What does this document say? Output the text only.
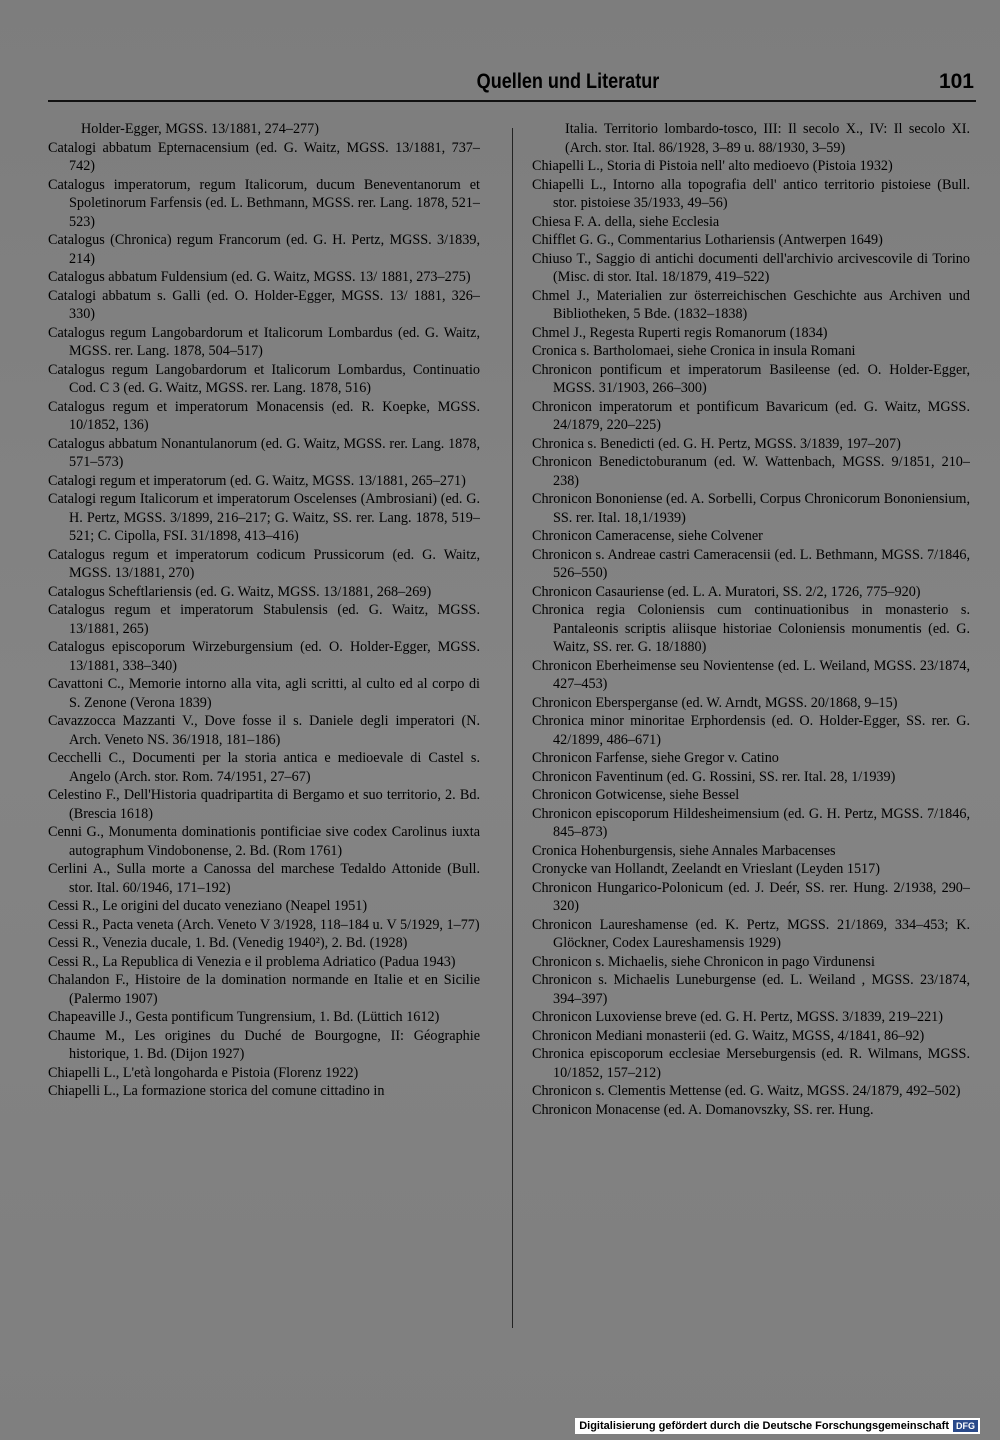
Quellen und Literatur	101

Holder-Egger, MGSS. 13/1881, 274–277)

Catalogi abbatum Epternacensium (ed. G. Waitz, MGSS. 13/1881, 737–742)

Catalogus imperatorum, regum Italicorum, ducum Beneventanorum et Spoletinorum Farfensis (ed. L. Bethmann, MGSS. rer. Lang. 1878, 521–523)

Catalogus (Chronica) regum Francorum (ed. G. H. Pertz, MGSS. 3/1839, 214)

Catalogus abbatum Fuldensium (ed. G. Waitz, MGSS. 13/ 1881, 273–275)

Catalogi abbatum s. Galli (ed. O. Holder-Egger, MGSS. 13/ 1881, 326–330)

Catalogus regum Langobardorum et Italicorum Lombardus (ed. G. Waitz, MGSS. rer. Lang. 1878, 504–517)

Catalogus regum Langobardorum et Italicorum Lombardus, Continuatio Cod. C 3 (ed. G. Waitz, MGSS. rer. Lang. 1878, 516)

Catalogus regum et imperatorum Monacensis (ed. R. Koepke, MGSS. 10/1852, 136)

Catalogus abbatum Nonantulanorum (ed. G. Waitz, MGSS. rer. Lang. 1878, 571–573)

Catalogi regum et imperatorum (ed. G. Waitz, MGSS. 13/1881, 265–271)

Catalogi regum Italicorum et imperatorum Oscelenses (Ambrosiani) (ed. G. H. Pertz, MGSS. 3/1899, 216–217; G. Waitz, SS. rer. Lang. 1878, 519–521; C. Cipolla, FSI. 31/1898, 413–416)

Catalogus regum et imperatorum codicum Prussicorum (ed. G. Waitz, MGSS. 13/1881, 270)

Catalogus Scheftlariensis (ed. G. Waitz, MGSS. 13/1881, 268–269)

Catalogus regum et imperatorum Stabulensis (ed. G. Waitz, MGSS. 13/1881, 265)

Catalogus episcoporum Wirzeburgensium (ed. O. Holder-Egger, MGSS. 13/1881, 338–340)

Cavattoni C., Memorie intorno alla vita, agli scritti, al culto ed al corpo di S. Zenone (Verona 1839)

Cavazzocca Mazzanti V., Dove fosse il s. Daniele degli imperatori (N. Arch. Veneto NS. 36/1918, 181–186)

Cecchelli C., Documenti per la storia antica e medioevale di Castel s. Angelo (Arch. stor. Rom. 74/1951, 27–67)

Celestino F., Dell'Historia quadripartita di Bergamo et suo territorio, 2. Bd. (Brescia 1618)

Cenni G., Monumenta dominationis pontificiae sive codex Carolinus iuxta autographum Vindobonense, 2. Bd. (Rom 1761)

Cerlini A., Sulla morte a Canossa del marchese Tedaldo Attonide (Bull. stor. Ital. 60/1946, 171–192)

Cessi R., Le origini del ducato veneziano (Neapel 1951)

Cessi R., Pacta veneta (Arch. Veneto V 3/1928, 118–184 u. V 5/1929, 1–77)

Cessi R., Venezia ducale, 1. Bd. (Venedig 1940²), 2. Bd. (1928)

Cessi R., La Republica di Venezia e il problema Adriatico (Padua 1943)

Chalandon F., Histoire de la domination normande en Italie et en Sicilie (Palermo 1907)

Chapeaville J., Gesta pontificum Tungrensium, 1. Bd. (Lüttich 1612)

Chaume M., Les origines du Duché de Bourgogne, II: Géographie historique, 1. Bd. (Dijon 1927)

Chiapelli L., L'età longoharda e Pistoia (Florenz 1922)

Chiapelli L., La formazione storica del comune cittadino in

Italia. Territorio lombardo-tosco, III: Il secolo X., IV: Il secolo XI. (Arch. stor. Ital. 86/1928, 3–89 u. 88/1930, 3–59)

Chiapelli L., Storia di Pistoia nell' alto medioevo (Pistoia 1932)

Chiapelli L., Intorno alla topografia dell' antico territorio pistoiese (Bull. stor. pistoiese 35/1933, 49–56)

Chiesa F. A. della, siehe Ecclesia

Chifflet G. G., Commentarius Lothariensis (Antwerpen 1649)

Chiuso T., Saggio di antichi documenti dell'archivio arcivescovile di Torino (Misc. di stor. Ital. 18/1879, 419–522)

Chmel J., Materialien zur österreichischen Geschichte aus Archiven und Bibliotheken, 5 Bde. (1832–1838)

Chmel J., Regesta Ruperti regis Romanorum (1834)

Cronica s. Bartholomaei, siehe Cronica in insula Romani

Chronicon pontificum et imperatorum Basileense (ed. O. Holder-Egger, MGSS. 31/1903, 266–300)

Chronicon imperatorum et pontificum Bavaricum (ed. G. Waitz, MGSS. 24/1879, 220–225)

Chronica s. Benedicti (ed. G. H. Pertz, MGSS. 3/1839, 197–207)

Chronicon Benedictoburanum (ed. W. Wattenbach, MGSS. 9/1851, 210–238)

Chronicon Bononiense (ed. A. Sorbelli, Corpus Chronicorum Bononiensium, SS. rer. Ital. 18,1/1939)

Chronicon Cameracense, siehe Colvener

Chronicon s. Andreae castri Cameracensii (ed. L. Bethmann, MGSS. 7/1846, 526–550)

Chronicon Casauriense (ed. L. A. Muratori, SS. 2/2, 1726, 775–920)

Chronica regia Coloniensis cum continuationibus in monasterio s. Pantaleonis scriptis aliisque historiae Coloniensis monumentis (ed. G. Waitz, SS. rer. G. 18/1880)

Chronicon Eberheimense seu Novientense (ed. L. Weiland, MGSS. 23/1874, 427–453)

Chronicon Ebersperganse (ed. W. Arndt, MGSS. 20/1868, 9–15)

Chronica minor minoritae Erphordensis (ed. O. Holder-Egger, SS. rer. G. 42/1899, 486–671)

Chronicon Farfense, siehe Gregor v. Catino

Chronicon Faventinum (ed. G. Rossini, SS. rer. Ital. 28, 1/1939)

Chronicon Gotwicense, siehe Bessel

Chronicon episcoporum Hildesheimensium (ed. G. H. Pertz, MGSS. 7/1846, 845–873)

Cronica Hohenburgensis, siehe Annales Marbacenses

Cronycke van Hollandt, Zeelandt en Vrieslant (Leyden 1517)

Chronicon Hungarico-Polonicum (ed. J. Deér, SS. rer. Hung. 2/1938, 290–320)

Chronicon Laureshamense (ed. K. Pertz, MGSS. 21/1869, 334–453; K. Glöckner, Codex Laureshamensis 1929)

Chronicon s. Michaelis, siehe Chronicon in pago Virdunensi

Chronicon s. Michaelis Luneburgense (ed. L. Weiland , MGSS. 23/1874, 394–397)

Chronicon Luxoviense breve (ed. G. H. Pertz, MGSS. 3/1839, 219–221)

Chronicon Mediani monasterii (ed. G. Waitz, MGSS, 4/1841, 86–92)

Chronica episcoporum ecclesiae Merseburgensis (ed. R. Wilmans, MGSS. 10/1852, 157–212)

Chronicon s. Clementis Mettense (ed. G. Waitz, MGSS. 24/1879, 492–502)

Chronicon Monacense (ed. A. Domanovszky, SS. rer. Hung.

Digitalisierung gefördert durch die Deutsche Forschungsgemeinschaft DFG
